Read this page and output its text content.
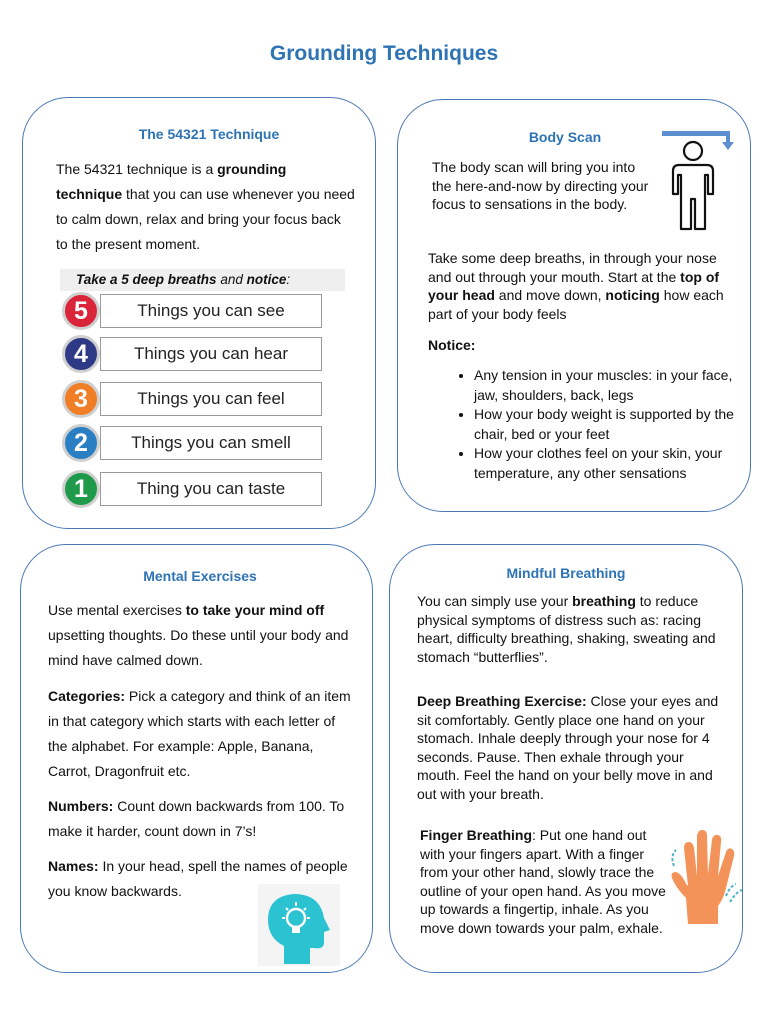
Grounding Techniques
The 54321 Technique
The 54321 technique is a grounding technique that you can use whenever you need to calm down, relax and bring your focus back to the present moment.
Take a 5 deep breaths and notice:
5	Things you can see
4	Things you can hear
3	Things you can feel
2	Things you can smell
1	Thing you can taste
Body Scan
The body scan will bring you into the here-and-now by directing your focus to sensations in the body.
Take some deep breaths, in through your nose and out through your mouth. Start at the top of your head and move down, noticing how each part of your body feels
Notice:
• Any tension in your muscles: in your face, jaw, shoulders, back, legs
• How your body weight is supported by the chair, bed or your feet
• How your clothes feel on your skin, your temperature, any other sensations
Mental Exercises
Use mental exercises to take your mind off upsetting thoughts. Do these until your body and mind have calmed down.
Categories: Pick a category and think of an item in that category which starts with each letter of the alphabet. For example: Apple, Banana, Carrot, Dragonfruit etc.
Numbers: Count down backwards from 100. To make it harder, count down in 7’s!
Names: In your head, spell the names of people you know backwards.
Mindful Breathing
You can simply use your breathing to reduce physical symptoms of distress such as: racing heart, difficulty breathing, shaking, sweating and stomach “butterflies”.
Deep Breathing Exercise: Close your eyes and sit comfortably. Gently place one hand on your stomach. Inhale deeply through your nose for 4 seconds. Pause. Then exhale through your mouth. Feel the hand on your belly move in and out with your breath.
Finger Breathing: Put one hand out with your fingers apart. With a finger from your other hand, slowly trace the outline of your open hand. As you move up towards a fingertip, inhale. As you move down towards your palm, exhale.
